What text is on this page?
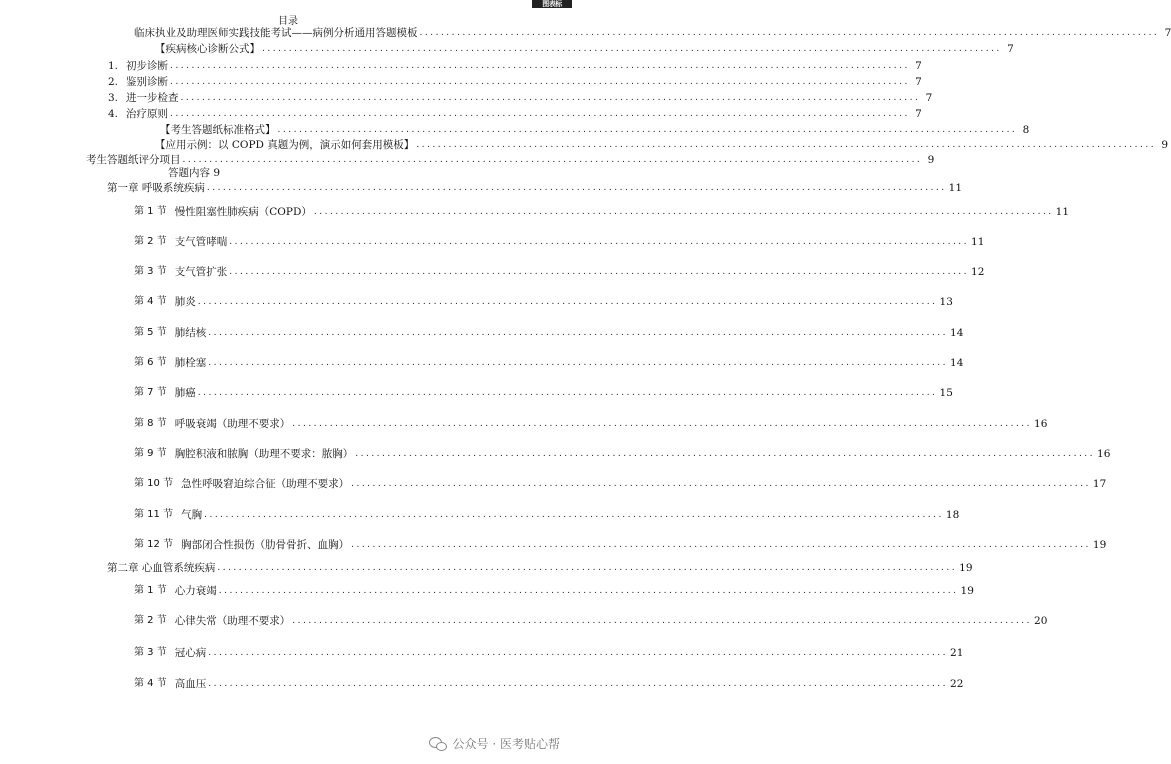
图表标
目录
临床执业及助理医师实践技能考试——病例分析通用答题模板 .......................................................................................................................................... 7
【疾病核心诊断公式】 .......................................................................................................................................... 7
1. 初步诊断 .......................................................................................................................................... 7
2. 鉴别诊断 .......................................................................................................................................... 7
3. 进一步检查 .......................................................................................................................................... 7
4. 治疗原则 .......................................................................................................................................... 7
【考生答题纸标准格式】 .......................................................................................................................................... 8
【应用示例：以 COPD 真题为例，演示如何套用模板】 .......................................................................................................................................... 9
考生答题纸评分项目 .......................................................................................................................................... 9
答题内容 9
第一章 呼吸系统疾病 .......................................................................................................................................... 11
第 1 节 慢性阻塞性肺疾病（COPD） .......................................................................................................................................... 11
第 2 节 支气管哮喘 .......................................................................................................................................... 11
第 3 节 支气管扩张 .......................................................................................................................................... 12
第 4 节 肺炎 .......................................................................................................................................... 13
第 5 节 肺结核 .......................................................................................................................................... 14
第 6 节 肺栓塞 .......................................................................................................................................... 14
第 7 节 肺癌 .......................................................................................................................................... 15
第 8 节 呼吸衰竭（助理不要求） .......................................................................................................................................... 16
第 9 节 胸腔积液和脓胸（助理不要求：脓胸） .......................................................................................................................................... 16
第 10 节 急性呼吸窘迫综合征（助理不要求） .......................................................................................................................................... 17
第 11 节 气胸 .......................................................................................................................................... 18
第 12 节 胸部闭合性损伤（肋骨骨折、血胸） .......................................................................................................................................... 19
第二章 心血管系统疾病 .......................................................................................................................................... 19
第 1 节 心力衰竭 .......................................................................................................................................... 19
第 2 节 心律失常（助理不要求） .......................................................................................................................................... 20
第 3 节 冠心病 .......................................................................................................................................... 21
第 4 节 高血压 .......................................................................................................................................... 22
公众号 · 医考贴心帮
